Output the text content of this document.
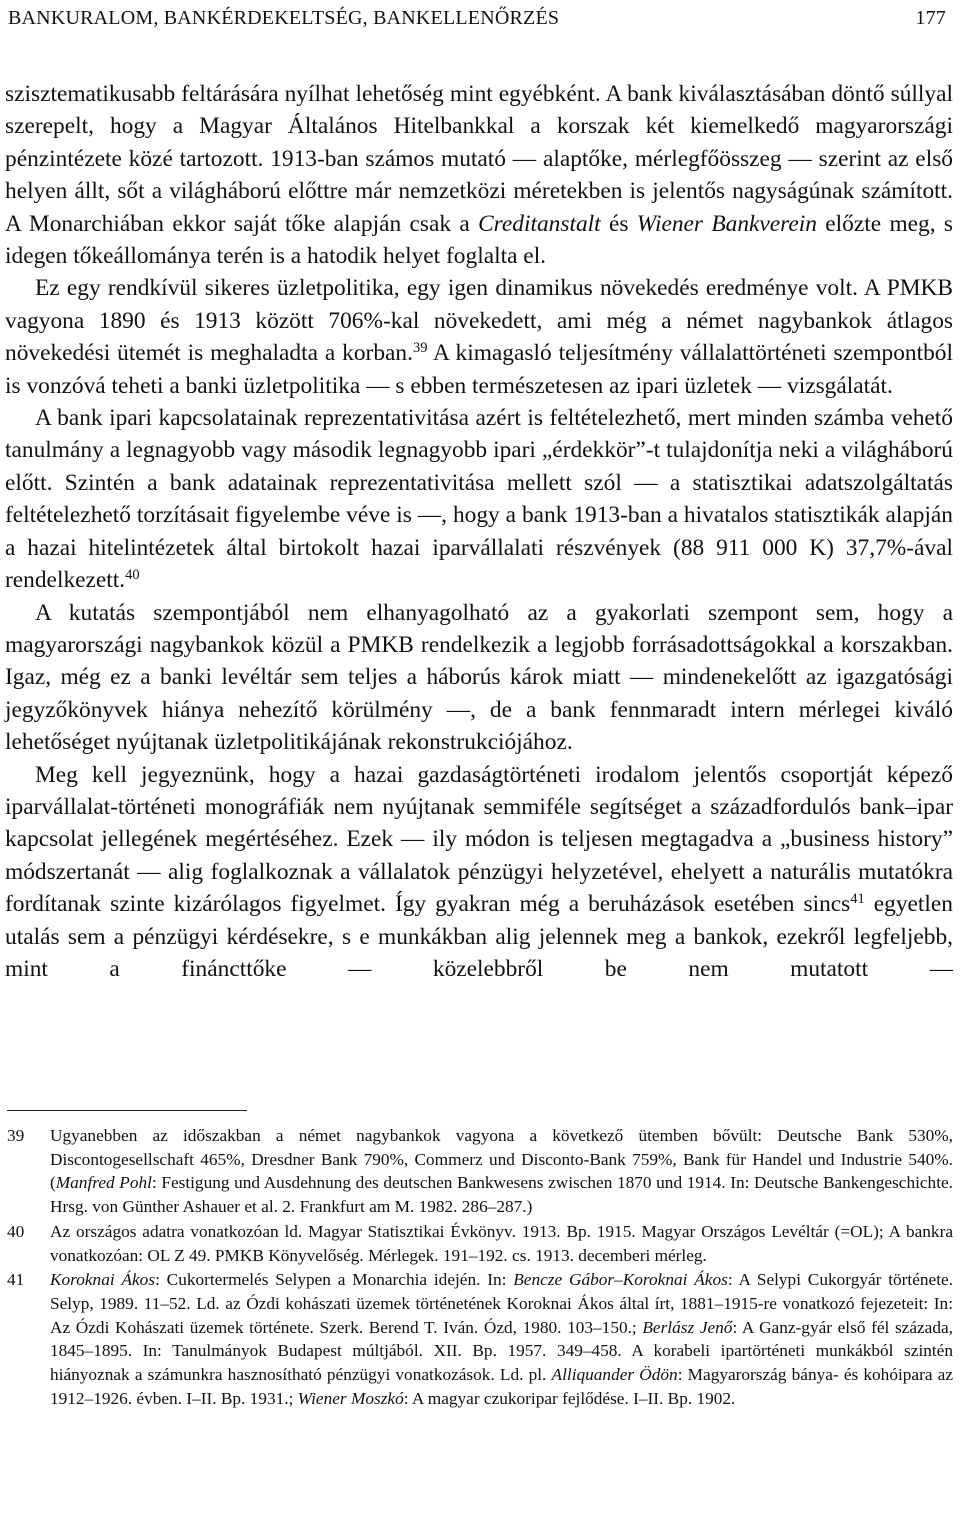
BANKURALOM, BANKÉRDEKELTSÉG, BANKELLENŐRZÉS	177

szisztematikusabb feltárására nyílhat lehetőség mint egyébként. A bank kiválasztásában döntő súllyal szerepelt, hogy a Magyar Általános Hitelbankkal a korszak két kiemelkedő magyarországi pénzintézete közé tartozott. 1913-ban számos mutató — alaptőke, mérlegfőösszeg — szerint az első helyen állt, sőt a világháború előttre már nemzetközi méretekben is jelentős nagyságúnak számított. A Monarchiában ekkor saját tőke alapján csak a Creditanstalt és Wiener Bankverein előzte meg, s idegen tőkeállománya terén is a hatodik helyet foglalta el.

Ez egy rendkívül sikeres üzletpolitika, egy igen dinamikus növekedés eredménye volt. A PMKB vagyona 1890 és 1913 között 706%-kal növekedett, ami még a német nagybankok átlagos növekedési ütemét is meghaladta a korban.$^{39}$ A kimagasló teljesítmény vállalattörténeti szempontból is vonzóvá teheti a banki üzletpolitika — s ebben természetesen az ipari üzletek — vizsgálatát.

A bank ipari kapcsolatainak reprezentativitása azért is feltételezhető, mert minden számba vehető tanulmány a legnagyobb vagy második legnagyobb ipari „érdekkör”-t tulajdonítja neki a világháború előtt. Szintén a bank adatainak reprezentativitása mellett szól — a statisztikai adatszolgáltatás feltételezhető torzításait figyelembe véve is —, hogy a bank 1913-ban a hivatalos statisztikák alapján a hazai hitelintézetek által birtokolt hazai iparvállalati részvények (88 911 000 K) 37,7%-ával rendelkezett.$^{40}$

A kutatás szempontjából nem elhanyagolható az a gyakorlati szempont sem, hogy a magyarországi nagybankok közül a PMKB rendelkezik a legjobb forrásadottságokkal a korszakban. Igaz, még ez a banki levéltár sem teljes a háborús károk miatt — mindenekelőtt az igazgatósági jegyzőkönyvek hiánya nehezítő körülmény —, de a bank fennmaradt intern mérlegei kiváló lehetőséget nyújtanak üzletpolitikájának rekonstrukciójához.

Meg kell jegyeznünk, hogy a hazai gazdaságtörténeti irodalom jelentős csoportját képező iparvállalat-történeti monográfiák nem nyújtanak semmiféle segítséget a századfordulós bank–ipar kapcsolat jellegének megértéséhez. Ezek — ily módon is teljesen megtagadva a „business history” módszertanát — alig foglalkoznak a vállalatok pénzügyi helyzetével, ehelyett a naturális mutatókra fordítanak szinte kizárólagos figyelmet. Így gyakran még a beruházások esetében sincs$^{41}$ egyetlen utalás sem a pénzügyi kérdésekre, s e munkákban alig jelennek meg a bankok, ezekről legfeljebb, mint a fináncttőke — közelebbről be nem mutatott —

39 Ugyanebben az időszakban a német nagybankok vagyona a következő ütemben bővült: Deutsche Bank 530%, Discontogesellschaft 465%, Dresdner Bank 790%, Commerz und Disconto-Bank 759%, Bank für Handel und Industrie 540%. (Manfred Pohl: Festigung und Ausdehnung des deutschen Bankwesens zwischen 1870 und 1914. In: Deutsche Bankengeschichte. Hrsg. von Günther Ashauer et al. 2. Frankfurt am M. 1982. 286–287.)
40 Az országos adatra vonatkozóan ld. Magyar Statisztikai Évkönyv. 1913. Bp. 1915. Magyar Országos Levéltár (=OL); A bankra vonatkozóan: OL Z 49. PMKB Könyvelőség. Mérlegek. 191–192. cs. 1913. decemberi mérleg.
41 Koroknai Ákos: Cukortermelés Selypen a Monarchia idején. In: Bencze Gábor–Koroknai Ákos: A Selypi Cukorgyár története. Selyp, 1989. 11–52. Ld. az Ózdi kohászati üzemek történetének Koroknai Ákos által írt, 1881–1915-re vonatkozó fejezeteit: In: Az Ózdi Kohászati üzemek története. Szerk. Berend T. Iván. Ózd, 1980. 103–150.; Berlász Jenő: A Ganz-gyár első fél százada, 1845–1895. In: Tanulmányok Budapest múltjából. XII. Bp. 1957. 349–458. A korabeli ipartörténeti munkákból szintén hiányoznak a számunkra hasznosítható pénzügyi vonatkozások. Ld. pl. Alliquander Ödön: Magyarország bánya- és kohóipara az 1912–1926. évben. I–II. Bp. 1931.; Wiener Moszkó: A magyar czukoripar fejlődése. I–II. Bp. 1902.
